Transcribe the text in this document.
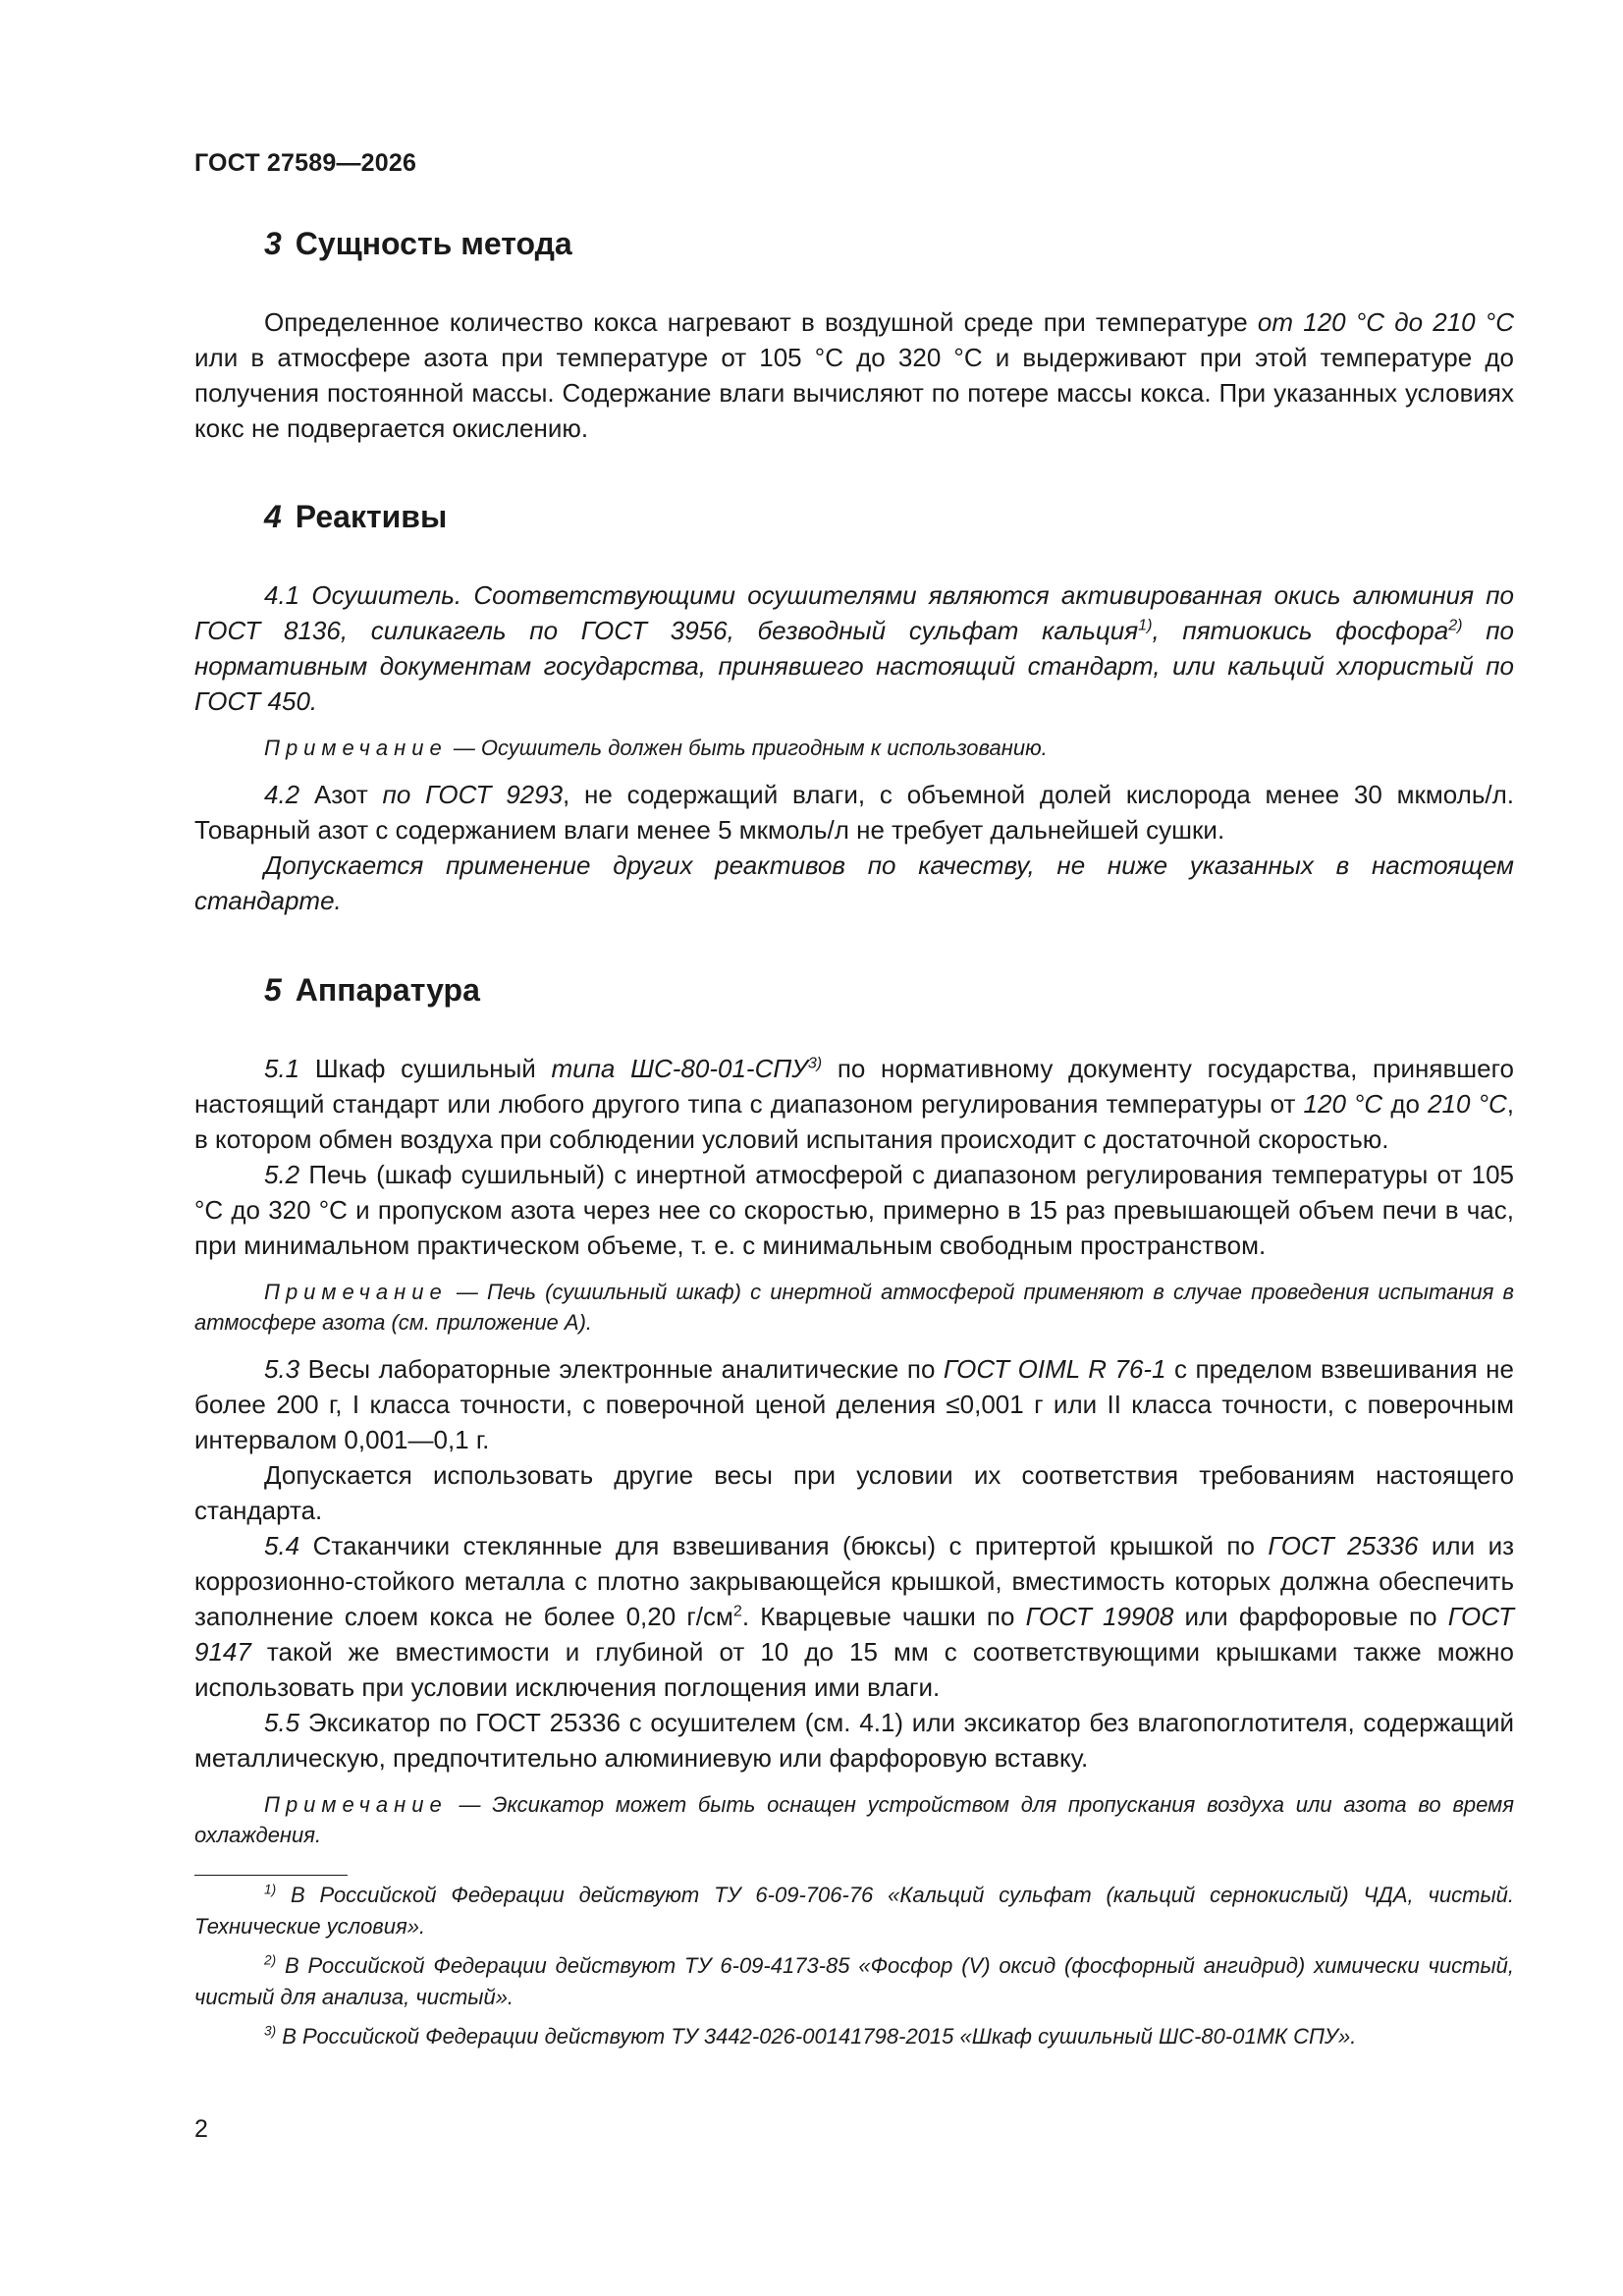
ГОСТ 27589—2026

3 Сущность метода

Определенное количество кокса нагревают в воздушной среде при температуре от 120 °C до 210 °C или в атмосфере азота при температуре от 105 °C до 320 °C и выдерживают при этой температуре до получения постоянной массы. Содержание влаги вычисляют по потере массы кокса. При указанных условиях кокс не подвергается окислению.

4 Реактивы

4.1 Осушитель. Соответствующими осушителями являются активированная окись алюминия по ГОСТ 8136, силикагель по ГОСТ 3956, безводный сульфат кальция$^{1)}$, пятиокись фосфора$^{2)}$ по нормативным документам государства, принявшего настоящий стандарт, или кальций хлористый по ГОСТ 450.

Примечание — Осушитель должен быть пригодным к использованию.

4.2 Азот по ГОСТ 9293, не содержащий влаги, с объемной долей кислорода менее 30 мкмоль/л. Товарный азот с содержанием влаги менее 5 мкмоль/л не требует дальнейшей сушки.

Допускается применение других реактивов по качеству, не ниже указанных в настоящем стандарте.

5 Аппаратура

5.1 Шкаф сушильный типа ШС-80-01-СПУ$^{3)}$ по нормативному документу государства, принявшего настоящий стандарт или любого другого типа с диапазоном регулирования температуры от 120 °C до 210 °C, в котором обмен воздуха при соблюдении условий испытания происходит с достаточной скоростью.

5.2 Печь (шкаф сушильный) с инертной атмосферой с диапазоном регулирования температуры от 105 °C до 320 °C и пропуском азота через нее со скоростью, примерно в 15 раз превышающей объем печи в час, при минимальном практическом объеме, т. е. с минимальным свободным пространством.

Примечание — Печь (сушильный шкаф) с инертной атмосферой применяют в случае проведения испытания в атмосфере азота (см. приложение А).

5.3 Весы лабораторные электронные аналитические по ГОСТ OIML R 76-1 с пределом взвешивания не более 200 г, I класса точности, с поверочной ценой деления ≤0,001 г или II класса точности, с поверочным интервалом 0,001—0,1 г.

Допускается использовать другие весы при условии их соответствия требованиям настоящего стандарта.

5.4 Стаканчики стеклянные для взвешивания (бюксы) с притертой крышкой по ГОСТ 25336 или из коррозионно-стойкого металла с плотно закрывающейся крышкой, вместимость которых должна обеспечить заполнение слоем кокса не более 0,20 $г/см^2$. Кварцевые чашки по ГОСТ 19908 или фарфоровые по ГОСТ 9147 такой же вместимости и глубиной от 10 до 15 мм с соответствующими крышками также можно использовать при условии исключения поглощения ими влаги.

5.5 Эксикатор по ГОСТ 25336 с осушителем (см. 4.1) или эксикатор без влагопоглотителя, содержащий металлическую, предпочтительно алюминиевую или фарфоровую вставку.

Примечание — Эксикатор может быть оснащен устройством для пропускания воздуха или азота во время охлаждения.

$^{1)}$ В Российской Федерации действуют ТУ 6-09-706-76 «Кальций сульфат (кальций сернокислый) ЧДА, чистый. Технические условия».

$^{2)}$ В Российской Федерации действуют ТУ 6-09-4173-85 «Фосфор (V) оксид (фосфорный ангидрид) химически чистый, чистый для анализа, чистый».

$^{3)}$ В Российской Федерации действуют ТУ 3442-026-00141798-2015 «Шкаф сушильный ШС-80-01МК СПУ».

2
